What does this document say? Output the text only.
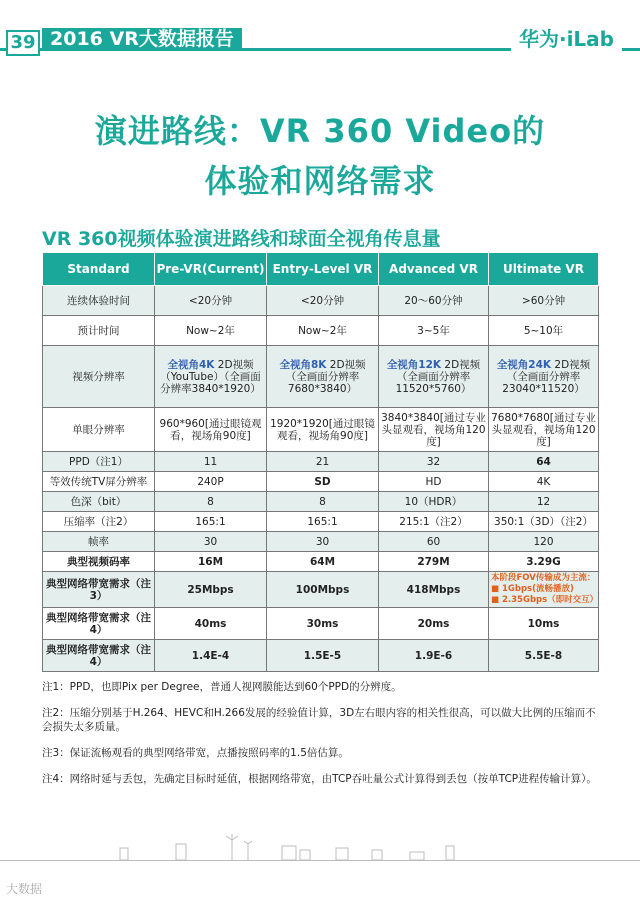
39 2016 VR大数据报告	华为·iLab
演进路线：VR 360 Video的
体验和网络需求
VR 360视频体验演进路线和球面全视角传息量
Standard	Pre-VR(Current)	Entry-Level VR	Advanced VR	Ultimate VR
连续体验时间	<20分钟	<20分钟	20～60分钟	>60分钟
预计时间	Now~2年	Now~2年	3~5年	5~10年
视频分辨率	全视角4K 2D视频（YouTube）（全画面分辨率3840*1920）	全视角8K 2D视频（全画面分辨率7680*3840）	全视角12K 2D视频（全画面分辨率11520*5760）	全视角24K 2D视频（全画面分辨率23040*11520）
单眼分辨率	960*960[通过眼镜观看，视场角90度]	1920*1920[通过眼镜观看，视场角90度]	3840*3840[通过专业头显观看，视场角120度]	7680*7680[通过专业头显观看，视场角120度]
PPD（注1）	11	21	32	64
等效传统TV屏分辨率	240P	SD	HD	4K
色深（bit）	8	8	10（HDR）	12
压缩率（注2）	165:1	165:1	215:1（注2）	350:1（3D）（注2）
帧率	30	30	60	120
典型视频码率	16M	64M	279M	3.29G
典型网络带宽需求（注3）	25Mbps	100Mbps	418Mbps	本阶段FOV传输成为主流：
■ 1Gbps(流畅播放)
■ 2.35Gbps（即时交互）

典型网络带宽需求（注4）	40ms	30ms	20ms	10ms
典型网络带宽需求（注4）	1.4E-4	1.5E-5	1.9E-6	5.5E-8

注1：PPD，也即Pix per Degree，普通人视网膜能达到60个PPD的分辨度。

注2：压缩分别基于H.264、HEVC和H.266发展的经验值计算，3D左右眼内容的相关性很高，可以做大比例的压缩而不会损失太多质量。

注3：保证流畅观看的典型网络带宽，点播按照码率的1.5倍估算。

注4：网络时延与丢包，先确定目标时延值，根据网络带宽，由TCP吞吐量公式计算得到丢包（按单TCP进程传输计算）。

大数据
